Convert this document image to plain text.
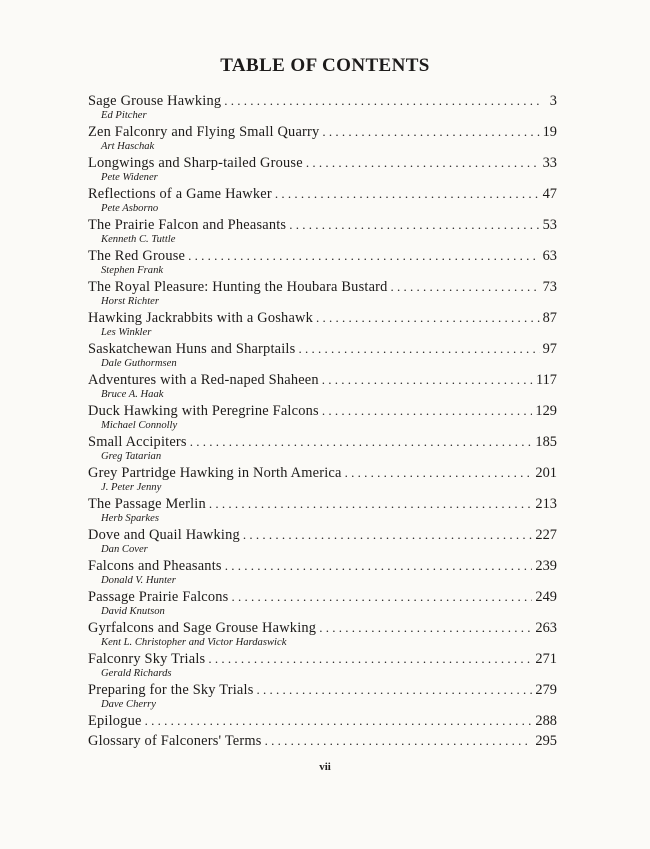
TABLE OF CONTENTS
Sage Grouse Hawking . . .	3
Ed Pitcher
Zen Falconry and Flying Small Quarry . . .	19
Art Haschak
Longwings and Sharp-tailed Grouse . . .	33
Pete Widener
Reflections of a Game Hawker . . .	47
Pete Asborno
The Prairie Falcon and Pheasants . . .	53
Kenneth C. Tuttle
The Red Grouse . . .	63
Stephen Frank
The Royal Pleasure: Hunting the Houbara Bustard . . .	73
Horst Richter
Hawking Jackrabbits with a Goshawk . . .	87
Les Winkler
Saskatchewan Huns and Sharptails . . .	97
Dale Guthormsen
Adventures with a Red-naped Shaheen . . .	117
Bruce A. Haak
Duck Hawking with Peregrine Falcons . . .	129
Michael Connolly
Small Accipiters . . .	185
Greg Tatarian
Grey Partridge Hawking in North America . . .	201
J. Peter Jenny
The Passage Merlin . . .	213
Herb Sparkes
Dove and Quail Hawking . . .	227
Dan Cover
Falcons and Pheasants . . .	239
Donald V. Hunter
Passage Prairie Falcons . . .	249
David Knutson
Gyrfalcons and Sage Grouse Hawking . . .	263
Kent L. Christopher and Victor Hardaswick
Falconry Sky Trials . . .	271
Gerald Richards
Preparing for the Sky Trials . . .	279
Dave Cherry
Epilogue . . .	288
Glossary of Falconers' Terms . . .	295
vii
